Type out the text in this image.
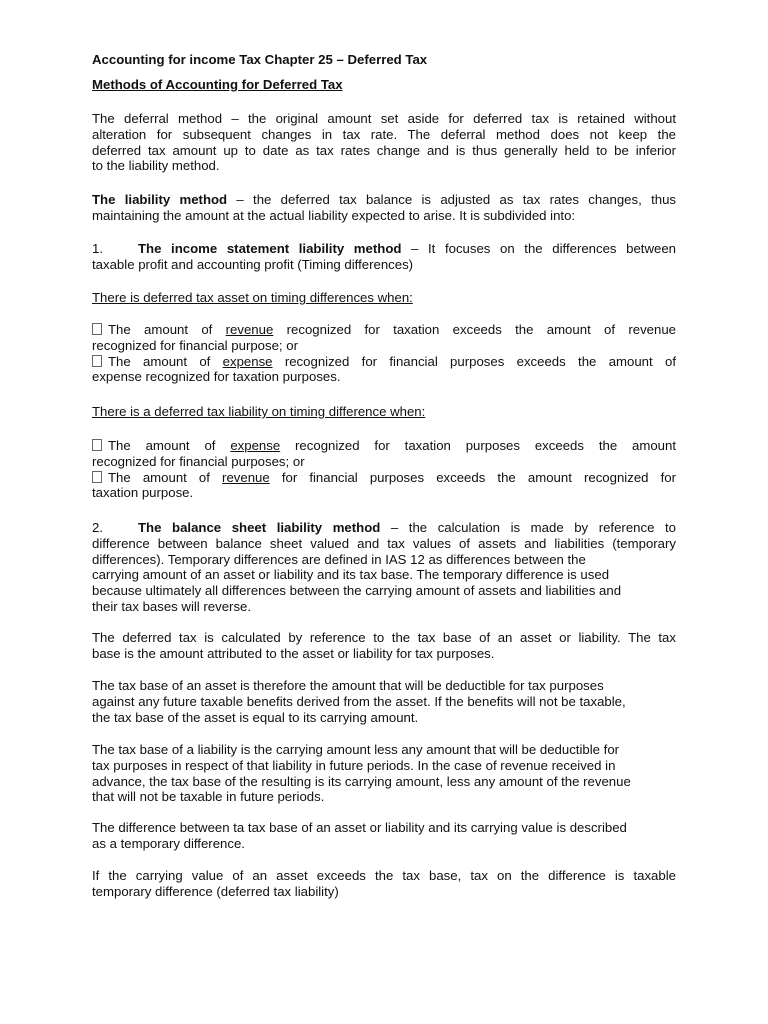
Accounting for income Tax Chapter 25 – Deferred Tax
Methods of Accounting for Deferred Tax
The deferral method – the original amount set aside for deferred tax is retained without
alteration for subsequent changes in tax rate. The deferral method does not keep the
deferred tax amount up to date as tax rates change and is thus generally held to be inferior
to the liability method.
The liability method – the deferred tax balance is adjusted as tax rates changes, thus
maintaining the amount at the actual liability expected to arise. It is subdivided into:
1.	The income statement liability method – It focuses on the differences between
taxable profit and accounting profit (Timing differences)
There is deferred tax asset on timing differences when:
The amount of revenue recognized for taxation exceeds the amount of revenue
recognized for financial purpose; or
The amount of expense recognized for financial purposes exceeds the amount of
expense recognized for taxation purposes.
There is a deferred tax liability on timing difference when:
The amount of expense recognized for taxation purposes exceeds the amount
recognized for financial purposes; or
The amount of revenue for financial purposes exceeds the amount recognized for
taxation purpose.
2.	The balance sheet liability method – the calculation is made by reference to
difference between balance sheet valued and tax values of assets and liabilities (temporary
differences). Temporary differences are defined in IAS 12 as differences between the
carrying amount of an asset or liability and its tax base. The temporary difference is used
because ultimately all differences between the carrying amount of assets and liabilities and
their tax bases will reverse.
The deferred tax is calculated by reference to the tax base of an asset or liability. The tax
base is the amount attributed to the asset or liability for tax purposes.
The tax base of an asset is therefore the amount that will be deductible for tax purposes
against any future taxable benefits derived from the asset. If the benefits will not be taxable,
the tax base of the asset is equal to its carrying amount.
The tax base of a liability is the carrying amount less any amount that will be deductible for
tax purposes in respect of that liability in future periods. In the case of revenue received in
advance, the tax base of the resulting is its carrying amount, less any amount of the revenue
that will not be taxable in future periods.
The difference between ta tax base of an asset or liability and its carrying value is described
as a temporary difference.
If the carrying value of an asset exceeds the tax base, tax on the difference is taxable
temporary difference (deferred tax liability)
